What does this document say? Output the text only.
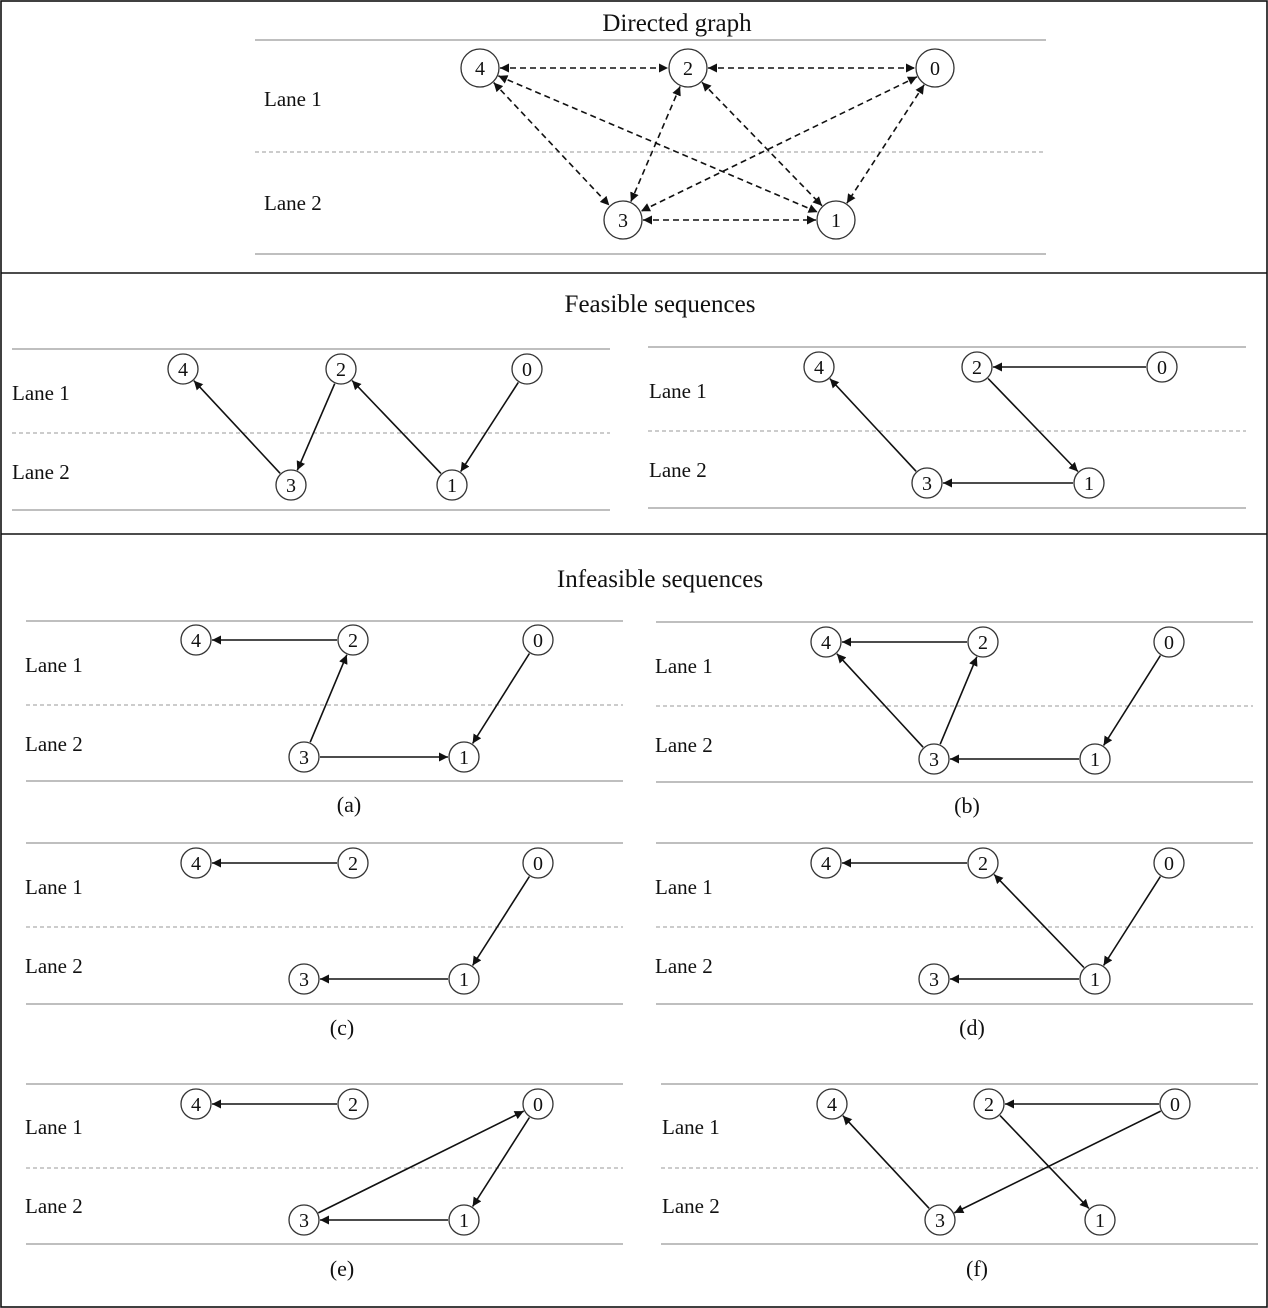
Directed graph
Feasible sequences
Infeasible sequences
Lane 1
Lane 2
4	2	0
3	1
Lane 1
Lane 2
4	2	0
3	1
Lane 1
Lane 2
4	2	0
3	1
Lane 1
Lane 2
4	2	0
3	1
(a)
Lane 1
Lane 2
4	2	0
3	1
(b)
Lane 1
Lane 2
4	2	0
3	1
(c)
Lane 1
Lane 2
4	2	0
3	1
(d)
Lane 1
Lane 2
4	2	0
3	1
(e)
Lane 1
Lane 2
4	2	0
3	1
(f)
